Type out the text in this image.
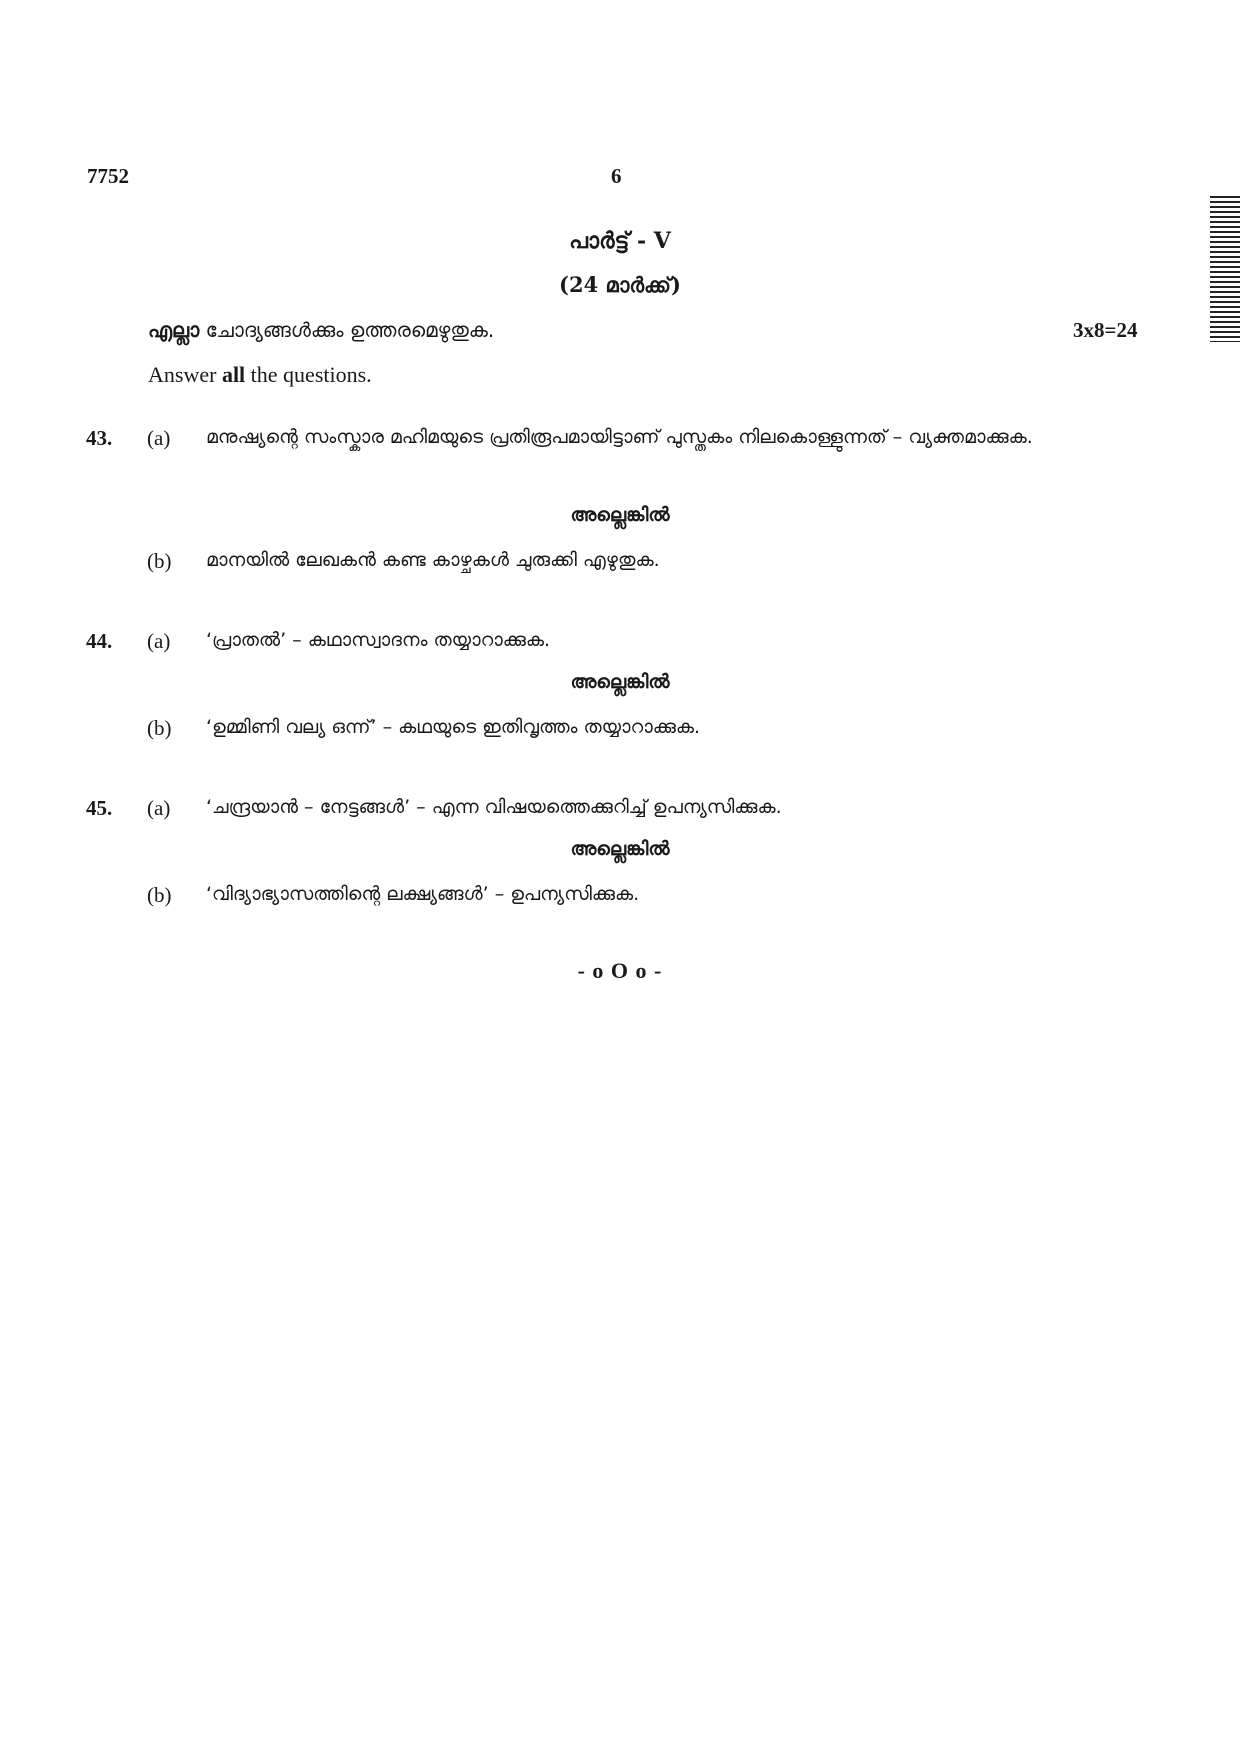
7752	6
പാർട്ട് - V
(24 മാർക്ക്)
എല്ലാ ചോദ്യങ്ങൾക്കും ഉത്തരമെഴുതുക.	3x8=24
Answer all the questions.
43. (a) മനുഷ്യന്റെ സംസ്കാര മഹിമയുടെ പ്രതിരൂപമായിട്ടാണ് പുസ്തകം നിലകൊള്ളുന്നത് – വ്യക്തമാക്കുക.
അല്ലെങ്കിൽ
(b) മാനയിൽ ലേഖകൻ കണ്ട കാഴ്ചകൾ ചുരുക്കി എഴുതുക.
44. (a) ‘പ്രാതൽ’ – കഥാസ്വാദനം തയ്യാറാക്കുക.
അല്ലെങ്കിൽ
(b) ‘ഉമ്മിണി വല്യ ഒന്ന്’ – കഥയുടെ ഇതിവൃത്തം തയ്യാറാക്കുക.
45. (a) ‘ചന്ദ്രയാൻ – നേട്ടങ്ങൾ’ – എന്ന വിഷയത്തെക്കുറിച്ച് ഉപന്യസിക്കുക.
അല്ലെങ്കിൽ
(b) ‘വിദ്യാഭ്യാസത്തിന്റെ ലക്ഷ്യങ്ങൾ’ – ഉപന്യസിക്കുക.
- o O o -
